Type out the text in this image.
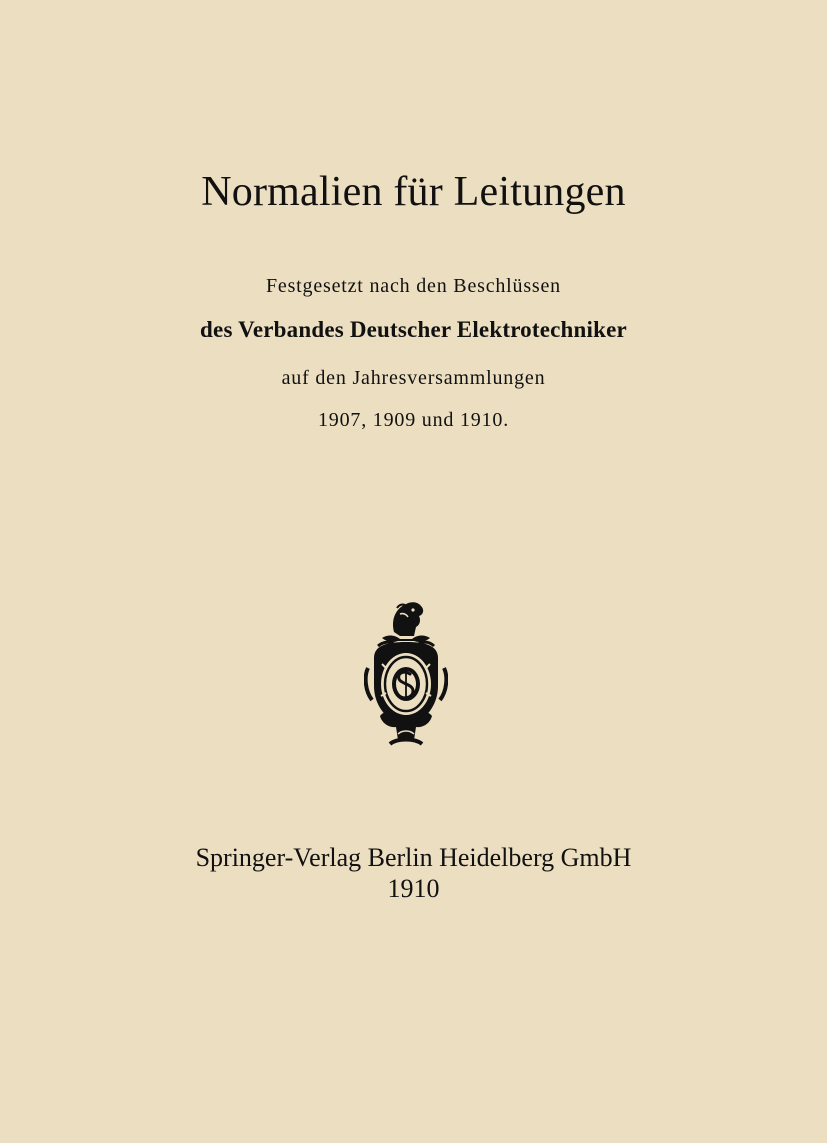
Normalien für Leitungen
Festgesetzt nach den Beschlüssen
des Verbandes Deutscher Elektrotechniker
auf den Jahresversammlungen
1907, 1909 und 1910.
Springer-Verlag Berlin Heidelberg GmbH
1910
